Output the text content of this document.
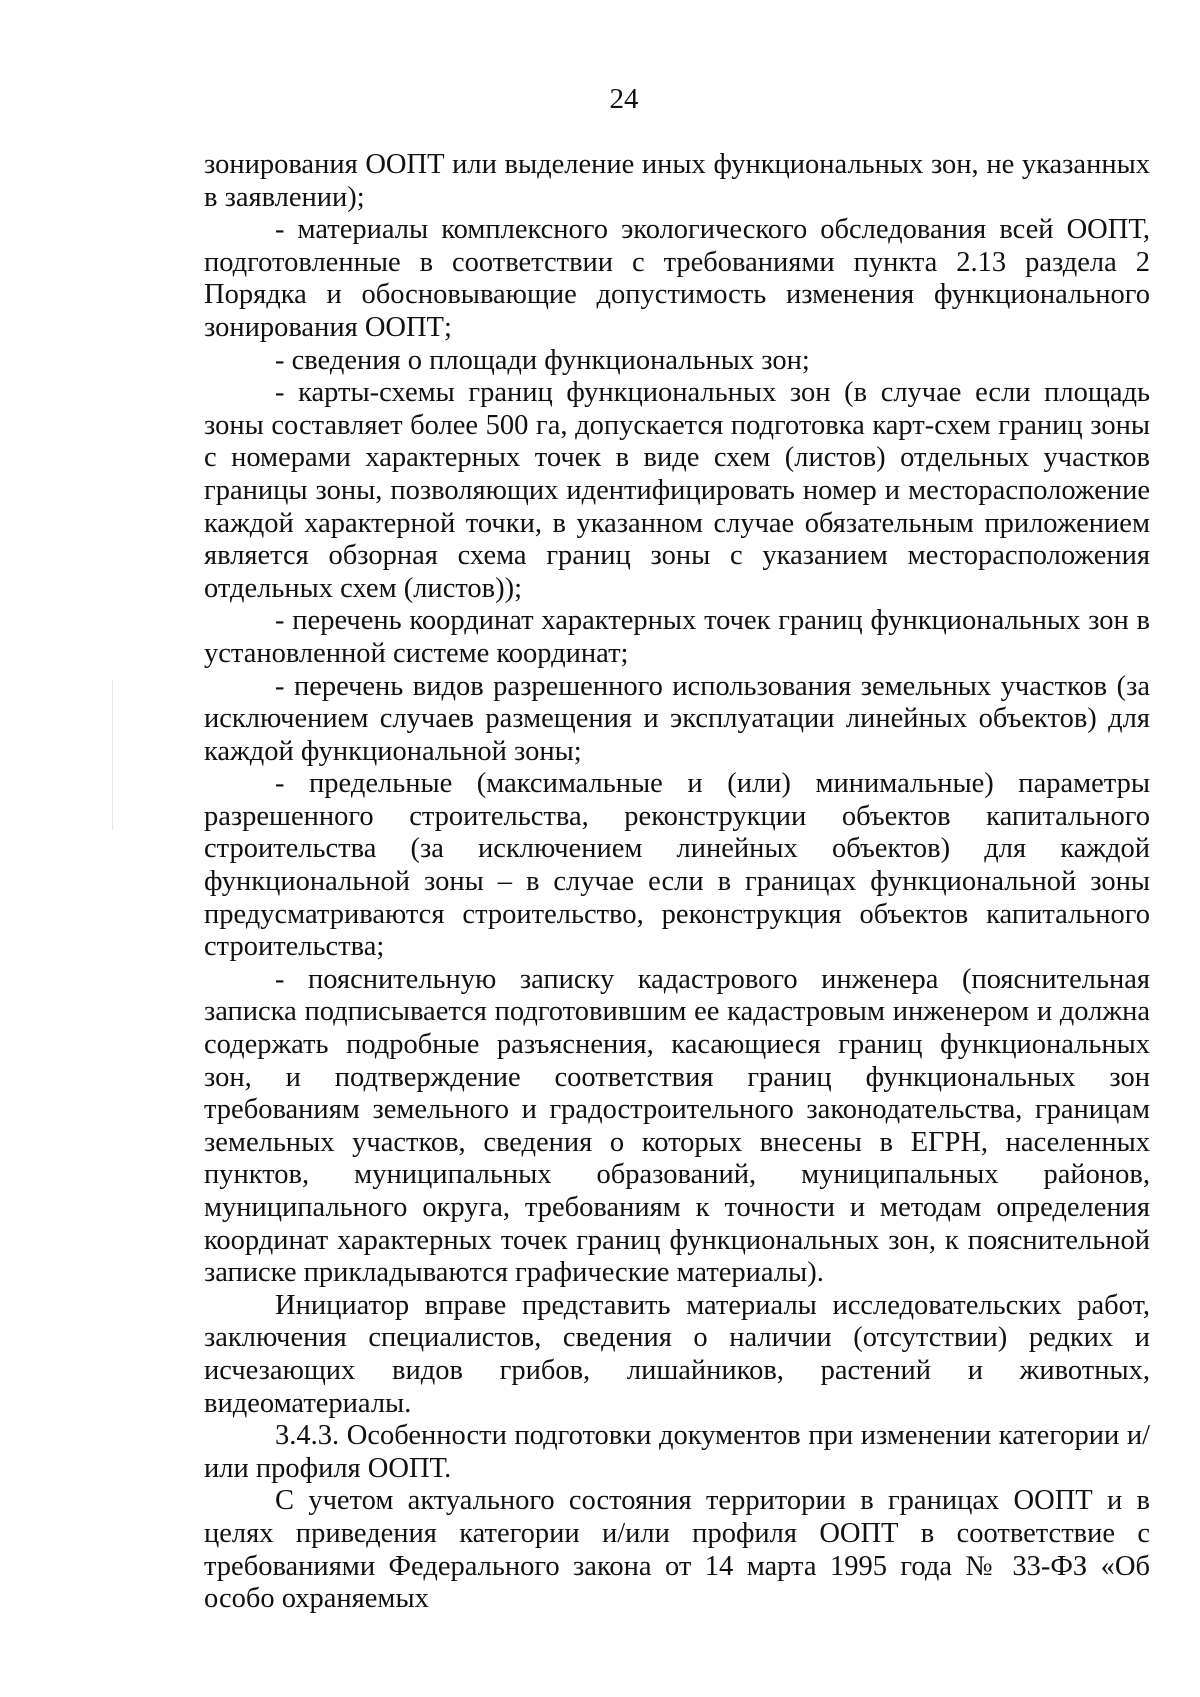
24

зонирования ООПТ или выделение иных функциональных зон, не указанных в заявлении);

- материалы комплексного экологического обследования всей ООПТ, подготовленные в соответствии с требованиями пункта 2.13 раздела 2 Порядка и обосновывающие допустимость изменения функционального зонирования ООПТ;

- сведения о площади функциональных зон;

- карты-схемы границ функциональных зон (в случае если площадь зоны составляет более 500 га, допускается подготовка карт-схем границ зоны с номерами характерных точек в виде схем (листов) отдельных участков границы зоны, позволяющих идентифицировать номер и месторасположение каждой характерной точки, в указанном случае обязательным приложением является обзорная схема границ зоны с указанием месторасположения отдельных схем (листов));

- перечень координат характерных точек границ функциональных зон в установленной системе координат;

- перечень видов разрешенного использования земельных участков (за исключением случаев размещения и эксплуатации линейных объектов) для каждой функциональной зоны;

- предельные (максимальные и (или) минимальные) параметры разрешенного строительства, реконструкции объектов капитального строительства (за исключением линейных объектов) для каждой функциональной зоны – в случае если в границах функциональной зоны предусматриваются строительство, реконструкция объектов капитального строительства;

- пояснительную записку кадастрового инженера (пояснительная записка подписывается подготовившим ее кадастровым инженером и должна содержать подробные разъяснения, касающиеся границ функциональных зон, и подтверждение соответствия границ функциональных зон требованиям земельного и градостроительного законодательства, границам земельных участков, сведения о которых внесены в ЕГРН, населенных пунктов, муниципальных образований, муниципальных районов, муниципального округа, требованиям к точности и методам определения координат характерных точек границ функциональных зон, к пояснительной записке прикладываются графические материалы).

Инициатор вправе представить материалы исследовательских работ, заключения специалистов, сведения о наличии (отсутствии) редких и исчезающих видов грибов, лишайников, растений и животных, видеоматериалы.

3.4.3. Особенности подготовки документов при изменении категории и/или профиля ООПТ.

С учетом актуального состояния территории в границах ООПТ и в целях приведения категории и/или профиля ООПТ в соответствие с требованиями Федерального закона от 14 марта 1995 года № 33-ФЗ «Об особо охраняемых
